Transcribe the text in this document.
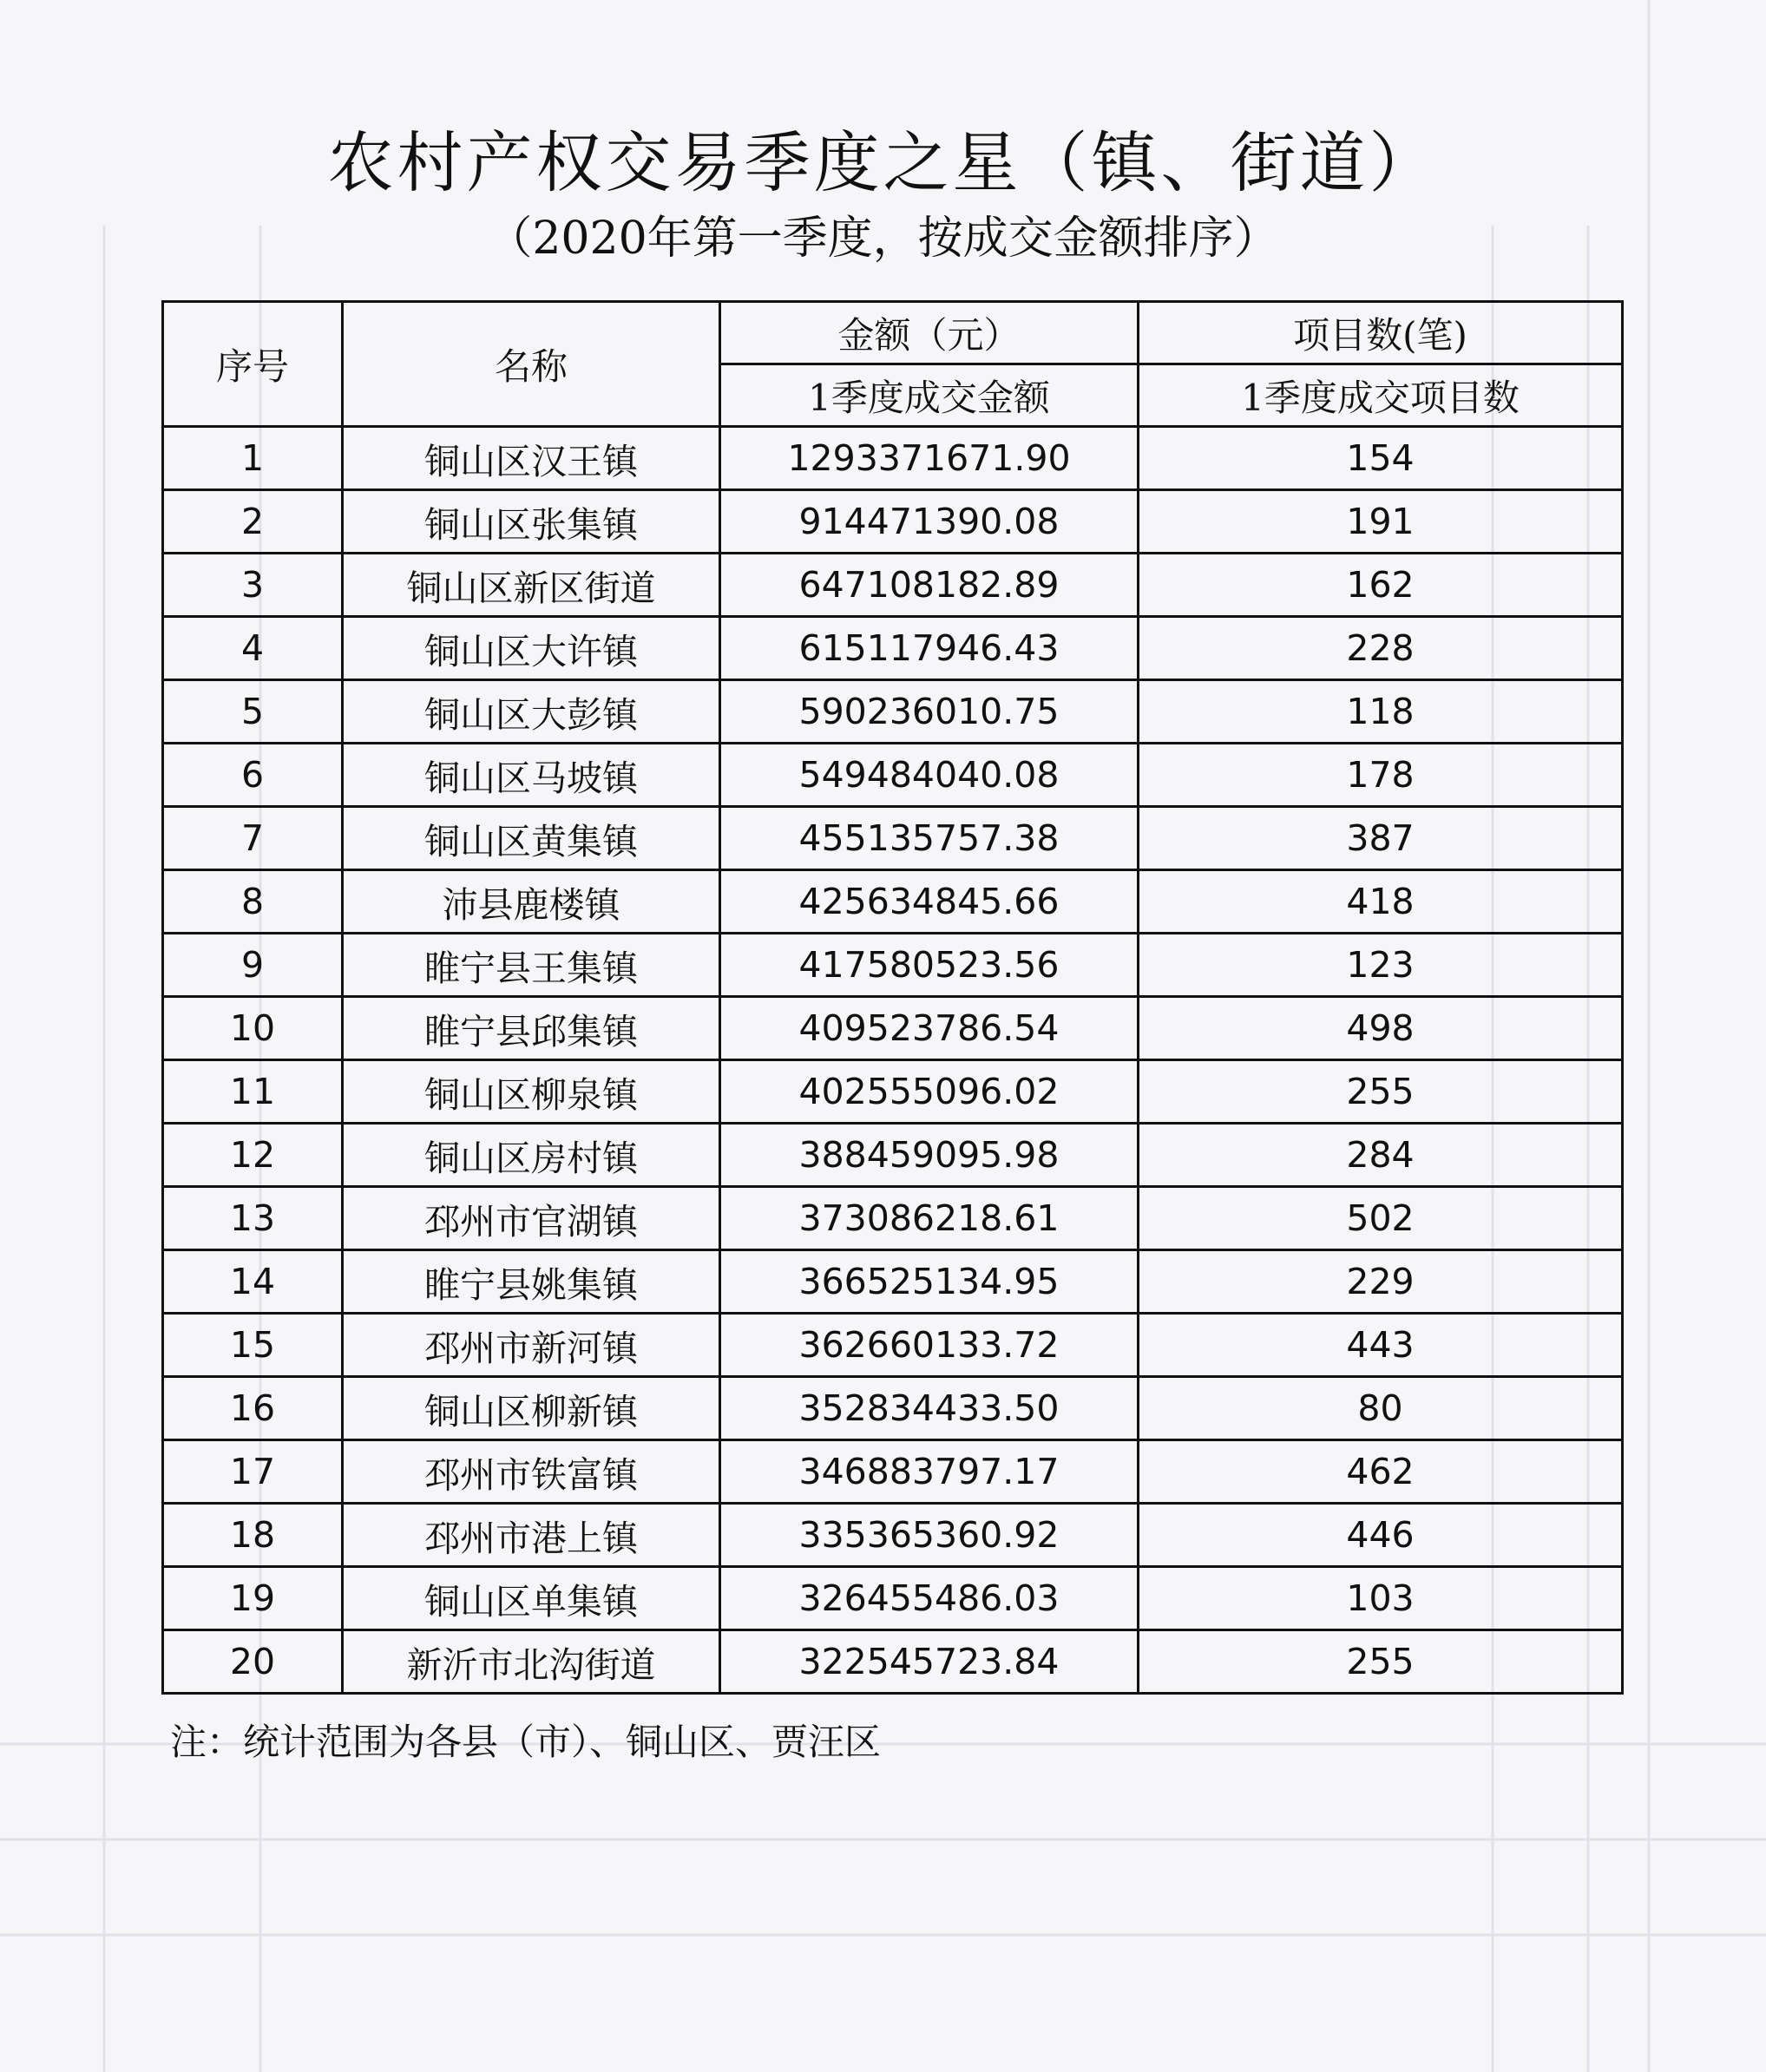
农村产权交易季度之星（镇、街道）

（2020年第一季度，按成交金额排序）

序号	名称	金额（元）	项目数(笔)
		1季度成交金额	1季度成交项目数
1	铜山区汉王镇	1293371671.90	154
2	铜山区张集镇	914471390.08	191
3	铜山区新区街道	647108182.89	162
4	铜山区大许镇	615117946.43	228
5	铜山区大彭镇	590236010.75	118
6	铜山区马坡镇	549484040.08	178
7	铜山区黄集镇	455135757.38	387
8	沛县鹿楼镇	425634845.66	418
9	睢宁县王集镇	417580523.56	123
10	睢宁县邱集镇	409523786.54	498
11	铜山区柳泉镇	402555096.02	255
12	铜山区房村镇	388459095.98	284
13	邳州市官湖镇	373086218.61	502
14	睢宁县姚集镇	366525134.95	229
15	邳州市新河镇	362660133.72	443
16	铜山区柳新镇	352834433.50	80
17	邳州市铁富镇	346883797.17	462
18	邳州市港上镇	335365360.92	446
19	铜山区单集镇	326455486.03	103
20	新沂市北沟街道	322545723.84	255

注：统计范围为各县（市）、铜山区、贾汪区
